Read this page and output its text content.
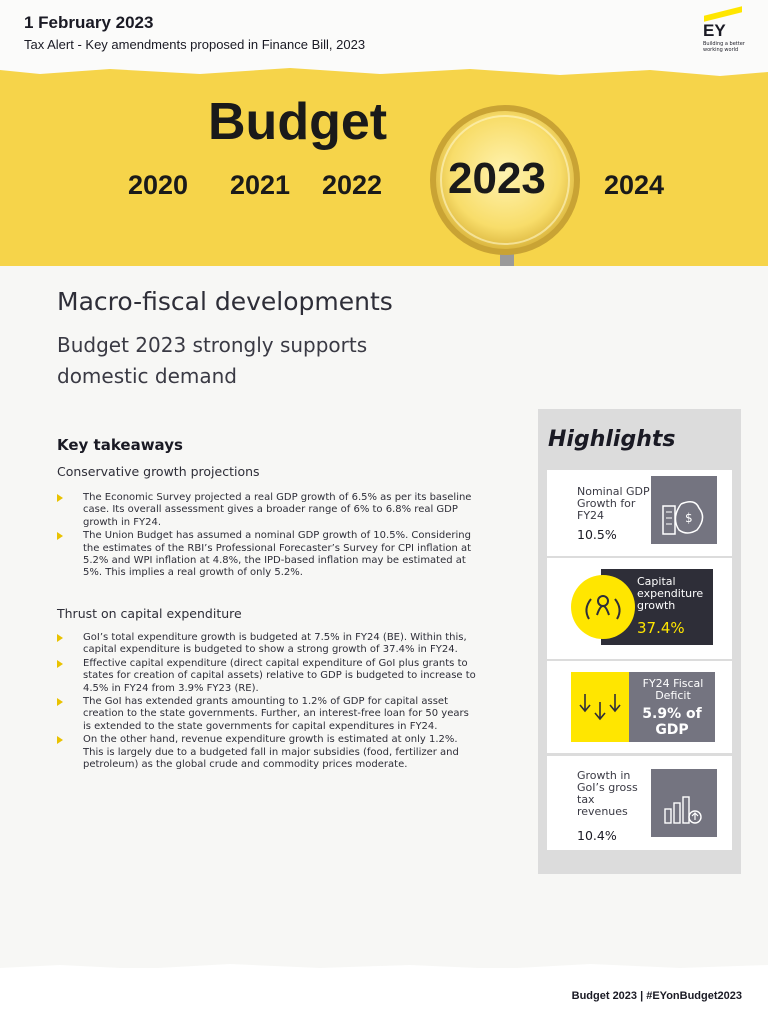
1 February 2023
Tax Alert - Key amendments proposed in Finance Bill, 2023
EY
Building a better working world
Budget
2020 2021 2022 2023 2024
Macro-fiscal developments
Budget 2023 strongly supports domestic demand
Key takeaways
Conservative growth projections
The Economic Survey projected a real GDP growth of 6.5% as per its baseline case. Its overall assessment gives a broader range of 6% to 6.8% real GDP growth in FY24.
The Union Budget has assumed a nominal GDP growth of 10.5%. Considering the estimates of the RBI’s Professional Forecaster’s Survey for CPI inflation at 5.2% and WPI inflation at 4.8%, the IPD-based inflation may be estimated at 5%. This implies a real growth of only 5.2%.
Thrust on capital expenditure
GoI’s total expenditure growth is budgeted at 7.5% in FY24 (BE). Within this, capital expenditure is budgeted to show a strong growth of 37.4% in FY24.
Effective capital expenditure (direct capital expenditure of GoI plus grants to states for creation of capital assets) relative to GDP is budgeted to increase to 4.5% in FY24 from 3.9% FY23 (RE).
The GoI has extended grants amounting to 1.2% of GDP for capital asset creation to the state governments. Further, an interest-free loan for 50 years is extended to the state governments for capital expenditures in FY24.
On the other hand, revenue expenditure growth is estimated at only 1.2%. This is largely due to a budgeted fall in major subsidies (food, fertilizer and petroleum) as the global crude and commodity prices moderate.
Highlights
Nominal GDP Growth for FY24
10.5%
$
Capital expenditure growth
37.4%
FY24 Fiscal Deficit
5.9% of GDP
Growth in GoI’s gross tax revenues
10.4%
Budget 2023 | #EYonBudget2023
